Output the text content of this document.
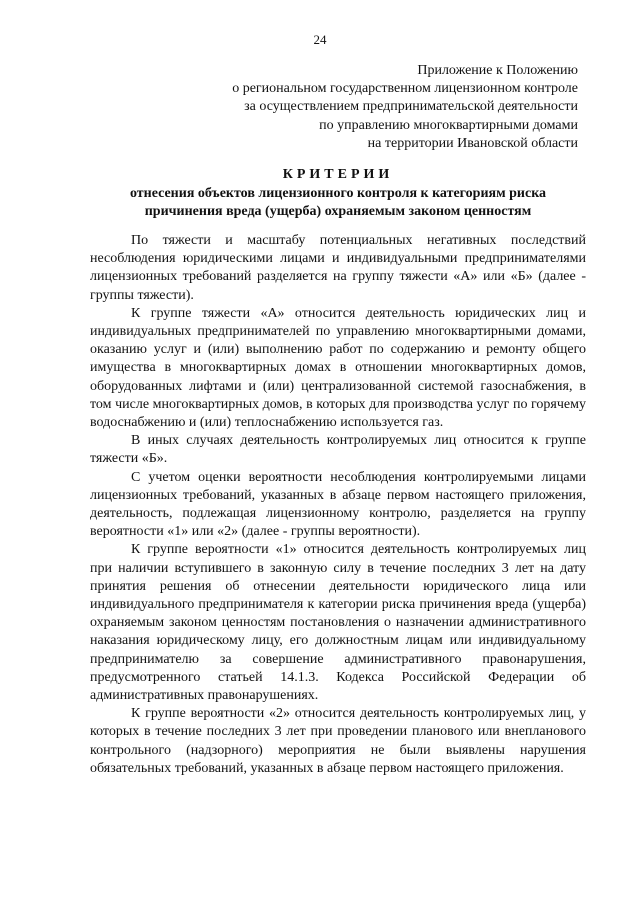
24
Приложение к Положению
о региональном государственном лицензионном контроле
за осуществлением предпринимательской деятельности
по управлению многоквартирными домами
на территории Ивановской области
КРИТЕРИИ
отнесения объектов лицензионного контроля к категориям риска
причинения вреда (ущерба) охраняемым законом ценностям

По тяжести и масштабу потенциальных негативных последствий несоблюдения юридическими лицами и индивидуальными предпринимателями лицензионных требований разделяется на группу тяжести «А» или «Б» (далее - группы тяжести).

К группе тяжести «А» относится деятельность юридических лиц и индивидуальных предпринимателей по управлению многоквартирными домами, оказанию услуг и (или) выполнению работ по содержанию и ремонту общего имущества в многоквартирных домах в отношении многоквартирных домов, оборудованных лифтами и (или) централизованной системой газоснабжения, в том числе многоквартирных домов, в которых для производства услуг по горячему водоснабжению и (или) теплоснабжению используется газ.

В иных случаях деятельность контролируемых лиц относится к группе тяжести «Б».

С учетом оценки вероятности несоблюдения контролируемыми лицами лицензионных требований, указанных в абзаце первом настоящего приложения, деятельность, подлежащая лицензионному контролю, разделяется на группу вероятности «1» или «2» (далее - группы вероятности).

К группе вероятности «1» относится деятельность контролируемых лиц при наличии вступившего в законную силу в течение последних 3 лет на дату принятия решения об отнесении деятельности юридического лица или индивидуального предпринимателя к категории риска причинения вреда (ущерба) охраняемым законом ценностям постановления о назначении административного наказания юридическому лицу, его должностным лицам или индивидуальному предпринимателю за совершение административного правонарушения, предусмотренного статьей 14.1.3. Кодекса Российской Федерации об административных правонарушениях.

К группе вероятности «2» относится деятельность контролируемых лиц, у которых в течение последних 3 лет при проведении планового или внепланового контрольного (надзорного) мероприятия не были выявлены нарушения обязательных требований, указанных в абзаце первом настоящего приложения.
